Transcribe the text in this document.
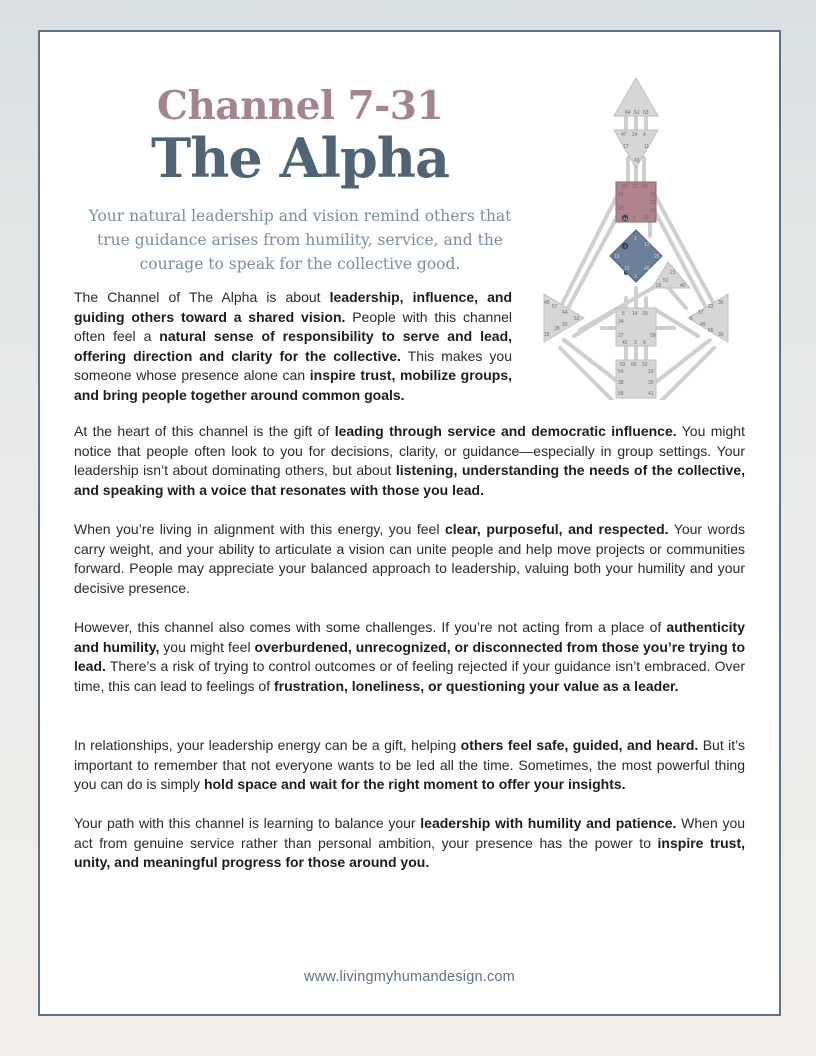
Channel 7-31
The Alpha
Your natural leadership and vision remind others that true guidance arises from humility, service, and the courage to speak for the collective good.
The Channel of The Alpha is about leadership, influence, and guiding others toward a shared vision. People with this channel often feel a natural sense of responsibility to serve and lead, offering direction and clarity for the collective. This makes you someone whose presence alone can inspire trust, mobilize groups, and bring people together around common goals.
At the heart of this channel is the gift of leading through service and democratic influence. You might notice that people often look to you for decisions, clarity, or guidance—especially in group settings. Your leadership isn’t about dominating others, but about listening, understanding the needs of the collective, and speaking with a voice that resonates with those you lead.
When you’re living in alignment with this energy, you feel clear, purposeful, and respected. Your words carry weight, and your ability to articulate a vision can unite people and help move projects or communities forward. People may appreciate your balanced approach to leadership, valuing both your humility and your decisive presence.
However, this channel also comes with some challenges. If you’re not acting from a place of authenticity and humility, you might feel overburdened, unrecognized, or disconnected from those you’re trying to lead. There’s a risk of trying to control outcomes or of feeling rejected if your guidance isn’t embraced. Over time, this can lead to feelings of frustration, loneliness, or questioning your value as a leader.
In relationships, your leadership energy can be a gift, helping others feel safe, guided, and heard. But it’s important to remember that not everyone wants to be led all the time. Sometimes, the most powerful thing you can do is simply hold space and wait for the right moment to offer your insights.
Your path with this channel is learning to balance your leadership with humility and patience. When you act from genuine service rather than personal ambition, your presence has the power to inspire trust, unity, and meaningful progress for those around you.
64 61 63
47 24 4
17	11
43
62 23 56
16	35
12
20	45
31 8 33
1
7	13
25
46
2
15
10
21
51
26	40
48
57
44
50
32
28
18
36
22
37
6
49
55
30
5 14 29
34
27	59
42 3 9
53 60 52
54	19
38	39
58	41
www.livingmyhumandesign.com
